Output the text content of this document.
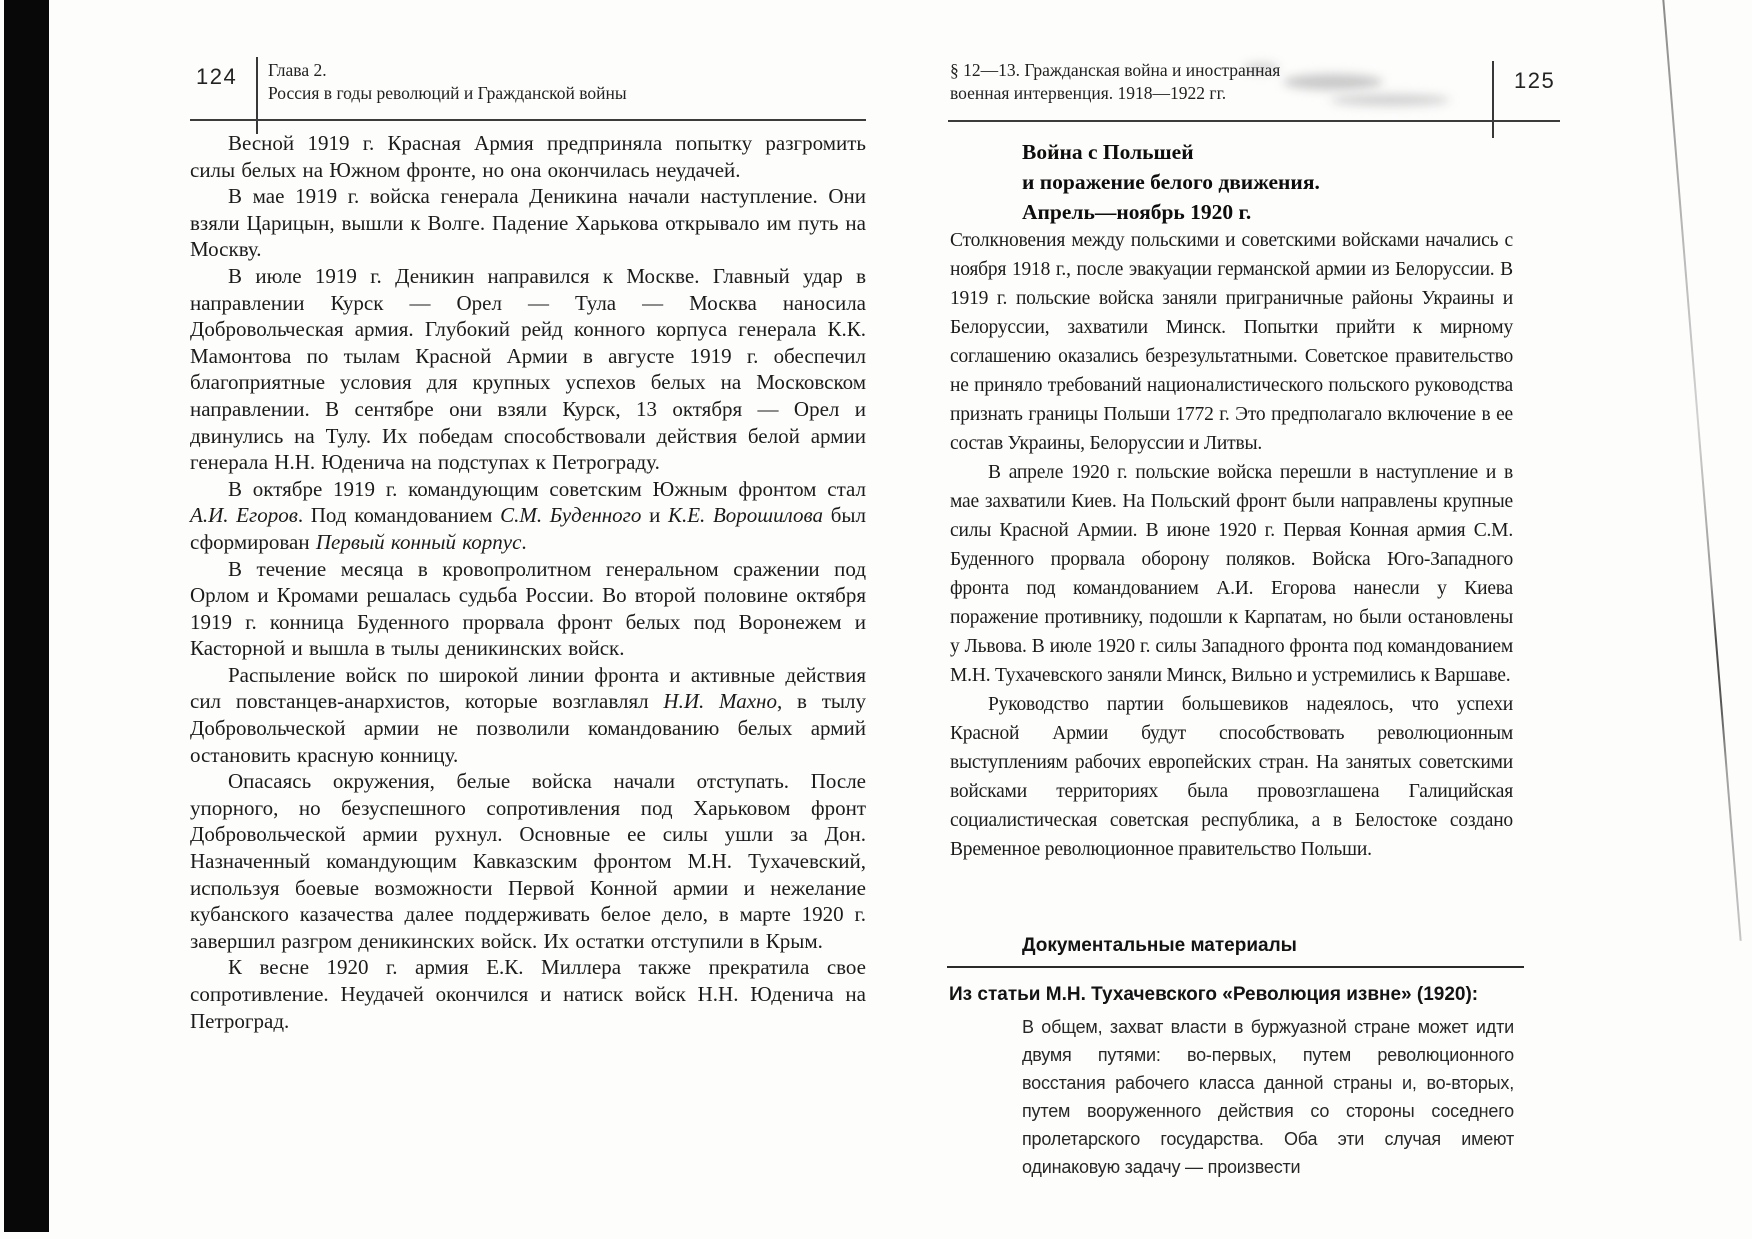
124 Глава 2.
Россия в годы революций и Гражданской войны

Весной 1919 г. Красная Армия предприняла попытку разгромить силы белых на Южном фронте, но она окончилась неудачей.

В мае 1919 г. войска генерала Деникина начали наступление. Они взяли Царицын, вышли к Волге. Падение Харькова открывало им путь на Москву.

В июле 1919 г. Деникин направился к Москве. Главный удар в направлении Курск — Орел — Тула — Москва наносила Добровольческая армия. Глубокий рейд конного корпуса генерала К.К. Мамонтова по тылам Красной Армии в августе 1919 г. обеспечил благоприятные условия для крупных успехов белых на Московском направлении. В сентябре они взяли Курск, 13 октября — Орел и двинулись на Тулу. Их победам способствовали действия белой армии генерала Н.Н. Юденича на подступах к Петрограду.

В октябре 1919 г. командующим советским Южным фронтом стал А.И. Егоров. Под командованием С.М. Буденного и К.Е. Ворошилова был сформирован Первый конный корпус.

В течение месяца в кровопролитном генеральном сражении под Орлом и Кромами решалась судьба России. Во второй половине октября 1919 г. конница Буденного прорвала фронт белых под Воронежем и Касторной и вышла в тылы деникинских войск.

Распыление войск по широкой линии фронта и активные действия сил повстанцев-анархистов, которые возглавлял Н.И. Махно, в тылу Добровольческой армии не позволили командованию белых армий остановить красную конницу.

Опасаясь окружения, белые войска начали отступать. После упорного, но безуспешного сопротивления под Харьковом фронт Добровольческой армии рухнул. Основные ее силы ушли за Дон. Назначенный командующим Кавказским фронтом М.Н. Тухачевский, используя боевые возможности Первой Конной армии и нежелание кубанского казачества далее поддерживать белое дело, в марте 1920 г. завершил разгром деникинских войск. Их остатки отступили в Крым.

К весне 1920 г. армия Е.К. Миллера также прекратила свое сопротивление. Неудачей окончился и натиск войск Н.Н. Юденича на Петроград.

§ 12—13. Гражданская война и иностранная
военная интервенция. 1918—1922 гг.	125
Война с Польшей
и поражение белого движения.
Апрель—ноябрь 1920 г.

Столкновения между польскими и советскими войсками начались с ноября 1918 г., после эвакуации германской армии из Белоруссии. В 1919 г. польские войска заняли приграничные районы Украины и Белоруссии, захватили Минск. Попытки прийти к мирному соглашению оказались безрезультатными. Советское правительство не приняло требований националистического польского руководства признать границы Польши 1772 г. Это предполагало включение в ее состав Украины, Белоруссии и Литвы.

В апреле 1920 г. польские войска перешли в наступление и в мае захватили Киев. На Польский фронт были направлены крупные силы Красной Армии. В июне 1920 г. Первая Конная армия С.М. Буденного прорвала оборону поляков. Войска Юго-Западного фронта под командованием А.И. Егорова нанесли у Киева поражение противнику, подошли к Карпатам, но были остановлены у Львова. В июле 1920 г. силы Западного фронта под командованием М.Н. Тухачевского заняли Минск, Вильно и устремились к Варшаве.

Руководство партии большевиков надеялось, что успехи Красной Армии будут способствовать революционным выступлениям рабочих европейских стран. На занятых советскими войсками территориях была провозглашена Галицийская социалистическая советская республика, а в Белостоке создано Временное революционное правительство Польши.

Документальные материалы
Из статьи М.Н. Тухачевского «Революция извне» (1920):
В общем, захват власти в буржуазной стране может идти двумя путями: во-первых, путем революционного восстания рабочего класса данной страны и, во-вторых, путем вооруженного действия со стороны соседнего пролетарского государства. Оба эти случая имеют одинаковую задачу — произвести
